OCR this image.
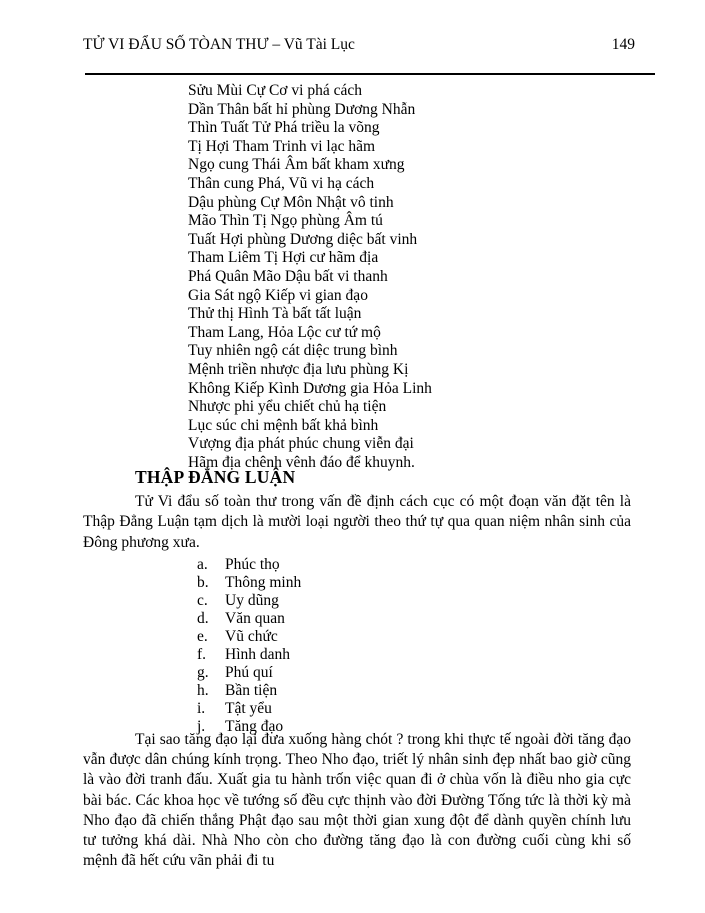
TỬ VI ĐẨU SỐ TÒAN THƯ – Vũ Tài Lục	149
Sửu Mùi Cự Cơ vi phá cách
Dần Thân bất hỉ phùng Dương Nhẫn
Thìn Tuất Tử Phá triều la võng
Tị Hợi Tham Trinh vi lạc hãm
Ngọ cung Thái Âm bất kham xưng
Thân cung Phá, Vũ vi hạ cách
Dậu phùng Cự Môn Nhật vô tinh
Mão Thìn Tị Ngọ phùng Âm tú
Tuất Hợi phùng Dương diệc bất vinh
Tham Liêm Tị Hợi cư hãm địa
Phá Quân Mão Dậu bất vi thanh
Gia Sát ngộ Kiếp vi gian đạo
Thử thị Hình Tà bất tất luận
Tham Lang, Hỏa Lộc cư tứ mộ
Tuy nhiên ngộ cát diệc trung bình
Mệnh triền nhược địa lưu phùng Kị
Không Kiếp Kình Dương gia Hỏa Linh
Nhược phi yểu chiết chủ hạ tiện
Lục súc chi mệnh bất khả bình
Vượng địa phát phúc chung viễn đại
Hãm địa chênh vênh đáo để khuynh.
THẬP ĐẲNG LUẬN
Tử Vi đẩu số toàn thư trong vấn đề định cách cục có một đoạn văn đặt tên là Thập Đẳng Luận tạm dịch là mười loại người theo thứ tự qua quan niệm nhân sinh của Đông phương xưa.
a.	Phúc thọ
b.	Thông minh
c.	Uy dũng
d.	Văn quan
e.	Vũ chức
f.	Hình danh
g.	Phú quí
h.	Bần tiện
i.	Tật yểu
j.	Tăng đạo
Tại sao tăng đạo lại đưa xuống hàng chót ? trong khi thực tế ngoài đời tăng đạo vẫn được dân chúng kính trọng. Theo Nho đạo, triết lý nhân sinh đẹp nhất bao giờ cũng là vào đời tranh đấu. Xuất gia tu hành trốn việc quan đi ở chùa vốn là điều nho gia cực bài bác. Các khoa học về tướng số đều cực thịnh vào đời Đường Tống tức là thời kỳ mà Nho đạo đã chiến thắng Phật đạo sau một thời gian xung đột để dành quyền chính lưu tư tưởng khá dài. Nhà Nho còn cho đường tăng đạo là con đường cuối cùng khi số mệnh đã hết cứu vãn phải đi tu
